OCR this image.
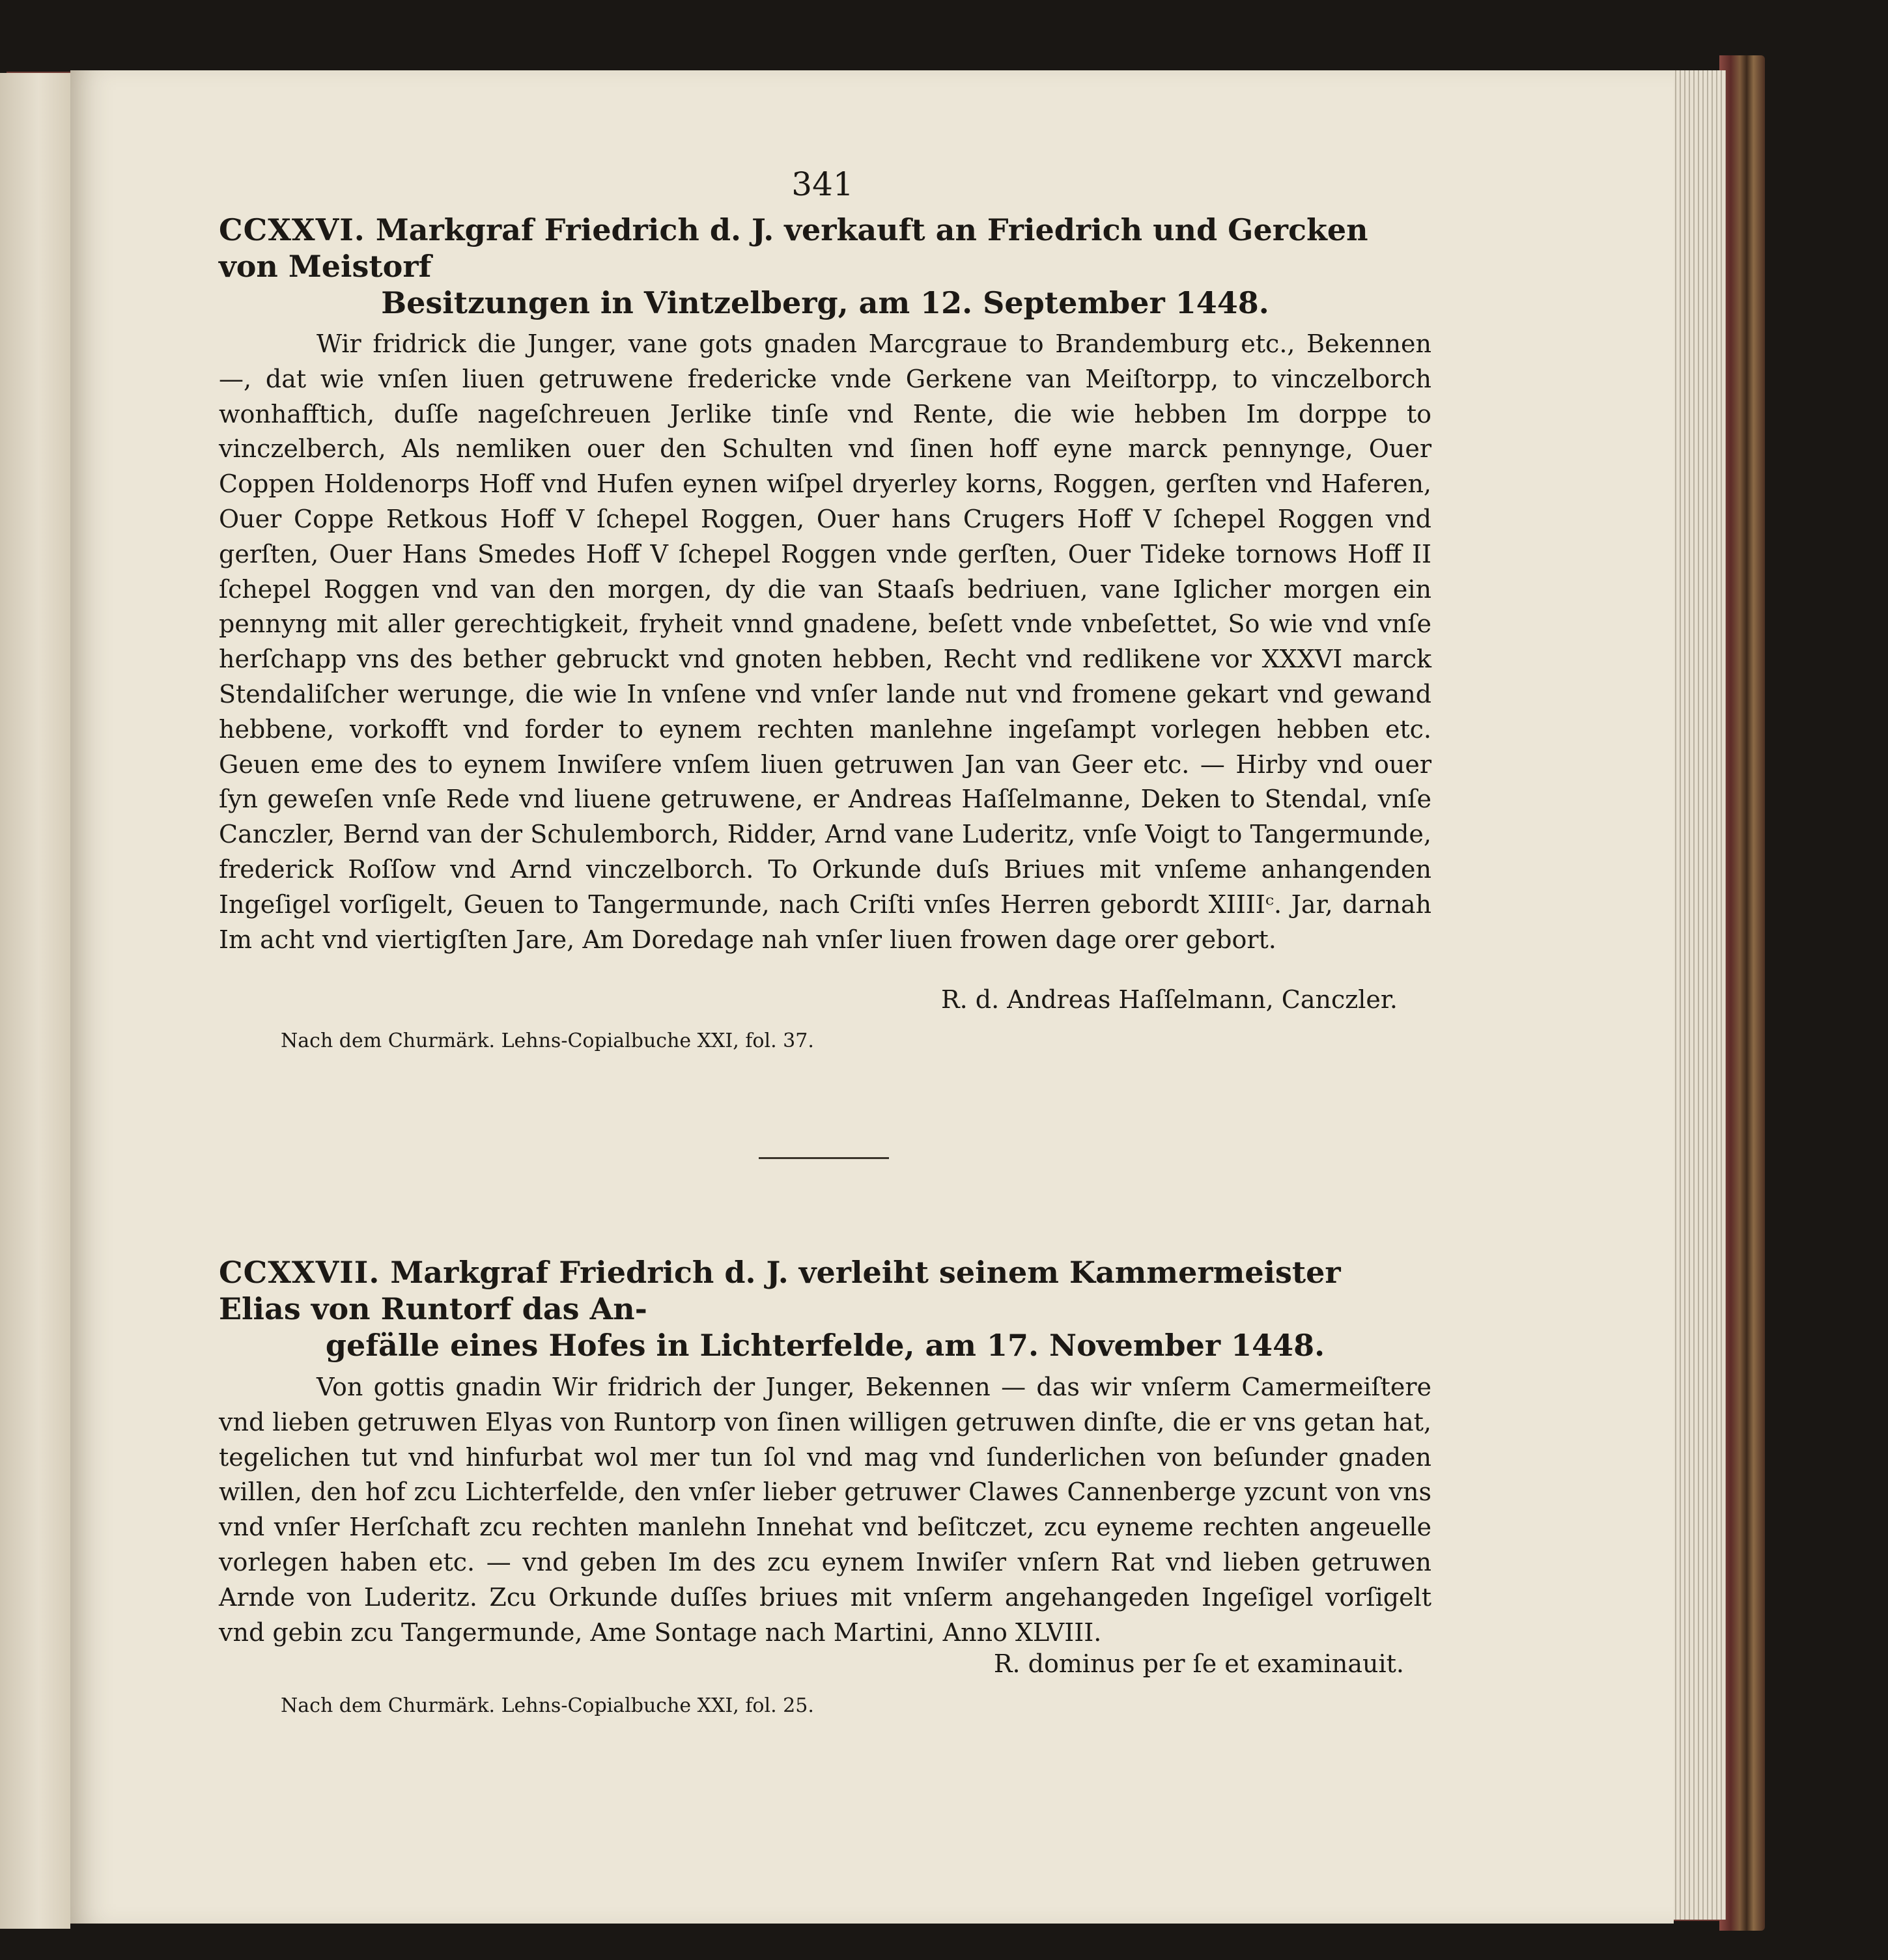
341
CCXXVI. Markgraf Friedrich d. J. verkauft an Friedrich und Gercken von Meistorf
Besitzungen in Vintzelberg, am 12. September 1448.
Wir fridrick die Junger, vane gots gnaden Marcgraue to Brandemburg etc., Bekennen —, dat wie vnſen liuen getruwene fredericke vnde Gerkene van Meiſtorpp, to vinczelborch wonhafftich, duſſe nageſchreuen Jerlike tinſe vnd Rente, die wie hebben Im dorppe to vinczelberch, Als nemliken ouer den Schulten vnd ſinen hoff eyne marck pennynge, Ouer Coppen Holdenorps Hoff vnd Hufen eynen wiſpel dryerley korns, Roggen, gerſten vnd Haferen, Ouer Coppe Retkous Hoff V ſchepel Roggen, Ouer hans Crugers Hoff V ſchepel Roggen vnd gerſten, Ouer Hans Smedes Hoff V ſchepel Roggen vnde gerſten, Ouer Tideke tornows Hoff II ſchepel Roggen vnd van den morgen, dy die van Staaſs bedriuen, vane Iglicher morgen ein pennyng mit aller gerechtigkeit, fryheit vnnd gnadene, beſett vnde vnbeſettet, So wie vnd vnſe herſchapp vns des bether gebruckt vnd gnoten hebben, Recht vnd redlikene vor XXXVI marck Stendaliſcher werunge, die wie In vnſene vnd vnſer lande nut vnd fromene gekart vnd gewand hebbene, vorkofft vnd forder to eynem rechten manlehne ingeſampt vorlegen hebben etc. Geuen eme des to eynem Inwiſere vnſem liuen getruwen Jan van Geer etc. — Hirby vnd ouer ſyn geweſen vnſe Rede vnd liuene getruwene, er Andreas Haſſelmanne, Deken to Stendal, vnſe Canczler, Bernd van der Schulemborch, Ridder, Arnd vane Luderitz, vnſe Voigt to Tangermunde, frederick Roſſow vnd Arnd vinczelborch. To Orkunde duſs Briues mit vnſeme anhangenden Ingeſigel vorſigelt, Geuen to Tangermunde, nach Criſti vnſes Herren gebordt XIIIIᶜ. Jar, darnah Im acht vnd viertigſten Jare, Am Doredage nah vnſer liuen frowen dage orer gebort.
R. d. Andreas Haſſelmann, Canczler.
Nach dem Churmärk. Lehns-Copialbuche XXI, fol. 37.
CCXXVII. Markgraf Friedrich d. J. verleiht seinem Kammermeister Elias von Runtorf das An-
gefälle eines Hofes in Lichterfelde, am 17. November 1448.
Von gottis gnadin Wir fridrich der Junger, Bekennen — das wir vnſerm Camermeiſtere vnd lieben getruwen Elyas von Runtorp von ſinen willigen getruwen dinſte, die er vns getan hat, tegelichen tut vnd hinfurbat wol mer tun ſol vnd mag vnd ſunderlichen von beſunder gnaden willen, den hof zcu Lichterfelde, den vnſer lieber getruwer Clawes Cannenberge yzcunt von vns vnd vnſer Herſchaft zcu rechten manlehn Innehat vnd beſitczet, zcu eyneme rechten angeuelle vorlegen haben etc. — vnd geben Im des zcu eynem Inwiſer vnſern Rat vnd lieben getruwen Arnde von Luderitz. Zcu Orkunde duſſes briues mit vnſerm angehangeden Ingeſigel vorſigelt vnd gebin zcu Tangermunde, Ame Sontage nach Martini, Anno XLVIII.
R. dominus per ſe et examinauit.
Nach dem Churmärk. Lehns-Copialbuche XXI, fol. 25.
